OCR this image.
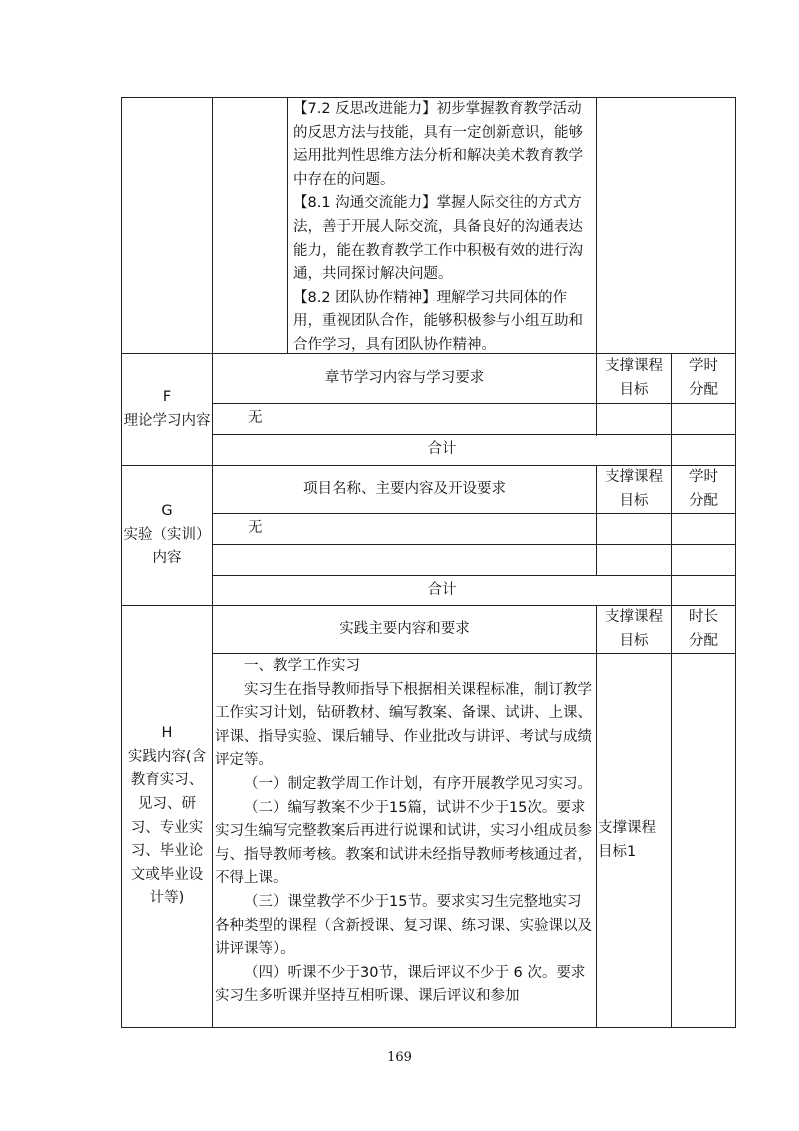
【7.2 反思改进能力】初步掌握教育教学活动的反思方法与技能，具有一定创新意识，能够运用批判性思维方法分析和解决美术教育教学中存在的问题。

【8.1 沟通交流能力】掌握人际交往的方式方法，善于开展人际交流，具备良好的沟通表达能力，能在教育教学工作中积极有效的进行沟通，共同探讨解决问题。

【8.2 团队协作精神】理解学习共同体的作用，重视团队合作，能够积极参与小组互助和合作学习，具有团队协作精神。

F
理论学习内容
章节学习内容与学习要求
支撑课程
目标
学时
分配
无
合计
G
实验（实训）
内容
项目名称、主要内容及开设要求
支撑课程
目标
学时
分配
无
合计
H
实践内容(含教育实习、见习、研习、专业实习、毕业论文或毕业设计等)
实践主要内容和要求
支撑课程
目标
时长
分配

一、教学工作实习

实习生在指导教师指导下根据相关课程标准，制订教学工作实习计划，钻研教材、编写教案、备课、试讲、上课、评课、指导实验、课后辅导、作业批改与讲评、考试与成绩评定等。

（一）制定教学周工作计划，有序开展教学见习实习。

（二）编写教案不少于15篇，试讲不少于15次。要求实习生编写完整教案后再进行说课和试讲，实习小组成员参与、指导教师考核。教案和试讲未经指导教师考核通过者，不得上课。

（三）课堂教学不少于15节。要求实习生完整地实习各种类型的课程（含新授课、复习课、练习课、实验课以及讲评课等）。

（四）听课不少于30节，课后评议不少于 6 次。要求实习生多听课并坚持互相听课、课后评议和参加

支撑课程目标1
169
